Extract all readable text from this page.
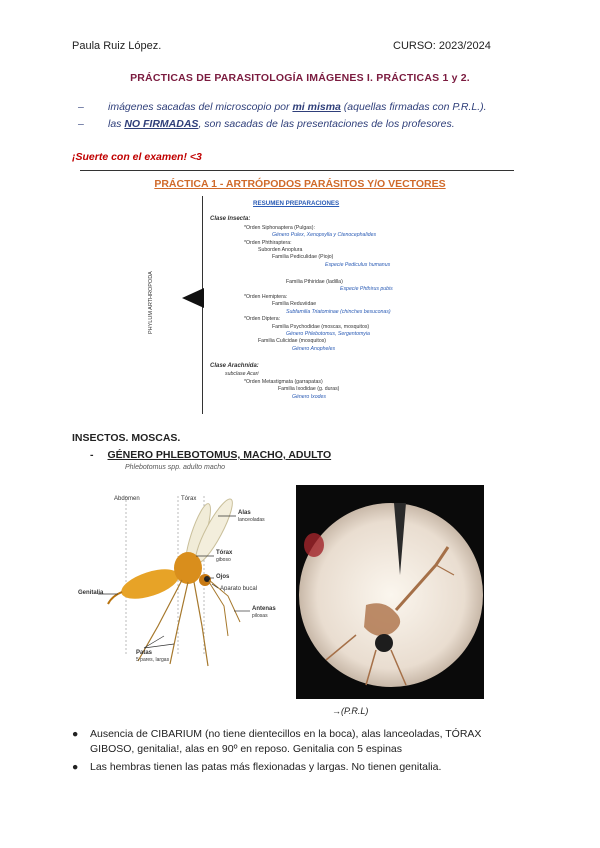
Paula Ruiz López.	CURSO: 2023/2024
PRÁCTICAS DE PARASITOLOGÍA IMÁGENES I. PRÁCTICAS 1 y 2.
– imágenes sacadas del microscopio por mi misma (aquellas firmadas con P.R.L.).
– las NO FIRMADAS, son sacadas de las presentaciones de los profesores.
¡Suerte con el examen! <3
PRÁCTICA 1 - ARTRÓPODOS PARÁSITOS Y/O VECTORES
RESUMEN PREPARACIONES
PHYLUM ARTHROPODA
Clase Insecta:
*Orden Siphonaptera (Pulgas):
Género Pulex, Xenopsylla y Ctenocephalides
*Orden Phthiraptera:
Suborden Anoplura
Familia Pediculidae (Piojo)
Especie Pediculus humanus
Familia Pthiridae (ladilla)
Especie Phthirus pubis
*Orden Hemiptera:
Familia Reduviidae
Subfamilia Triatominae (chinches besuconas)
*Orden Diptera:
Familia Psychodidae (moscas, mosquitos)
Género Phlebotomus, Sergentomyia
Familia Culicidae (mosquitos)
Género Anopheles
Clase Arachnida:
subclase Acari
*Orden Metastigmata (garrapatas)
Familia Ixodidae (g. duras)
Género Ixodes
INSECTOS. MOSCAS.
- GÉNERO PHLEBOTOMUS, MACHO, ADULTO
Phlebotomus spp. adulto macho
Abdomen	Tórax
Alas
lanceoladas
Tórax
giboso
Ojos
Aparato bucal
Genitalia
Antenas
pilosas
Patas
5 pares, largas
→(P.R.L)
● Ausencia de CIBARIUM (no tiene dientecillos en la boca), alas lanceoladas, TÓRAX
GIBOSO, genitalia!, alas en 90º en reposo. Genitalia con 5 espinas
● Las hembras tienen las patas más flexionadas y largas. No tienen genitalia.
